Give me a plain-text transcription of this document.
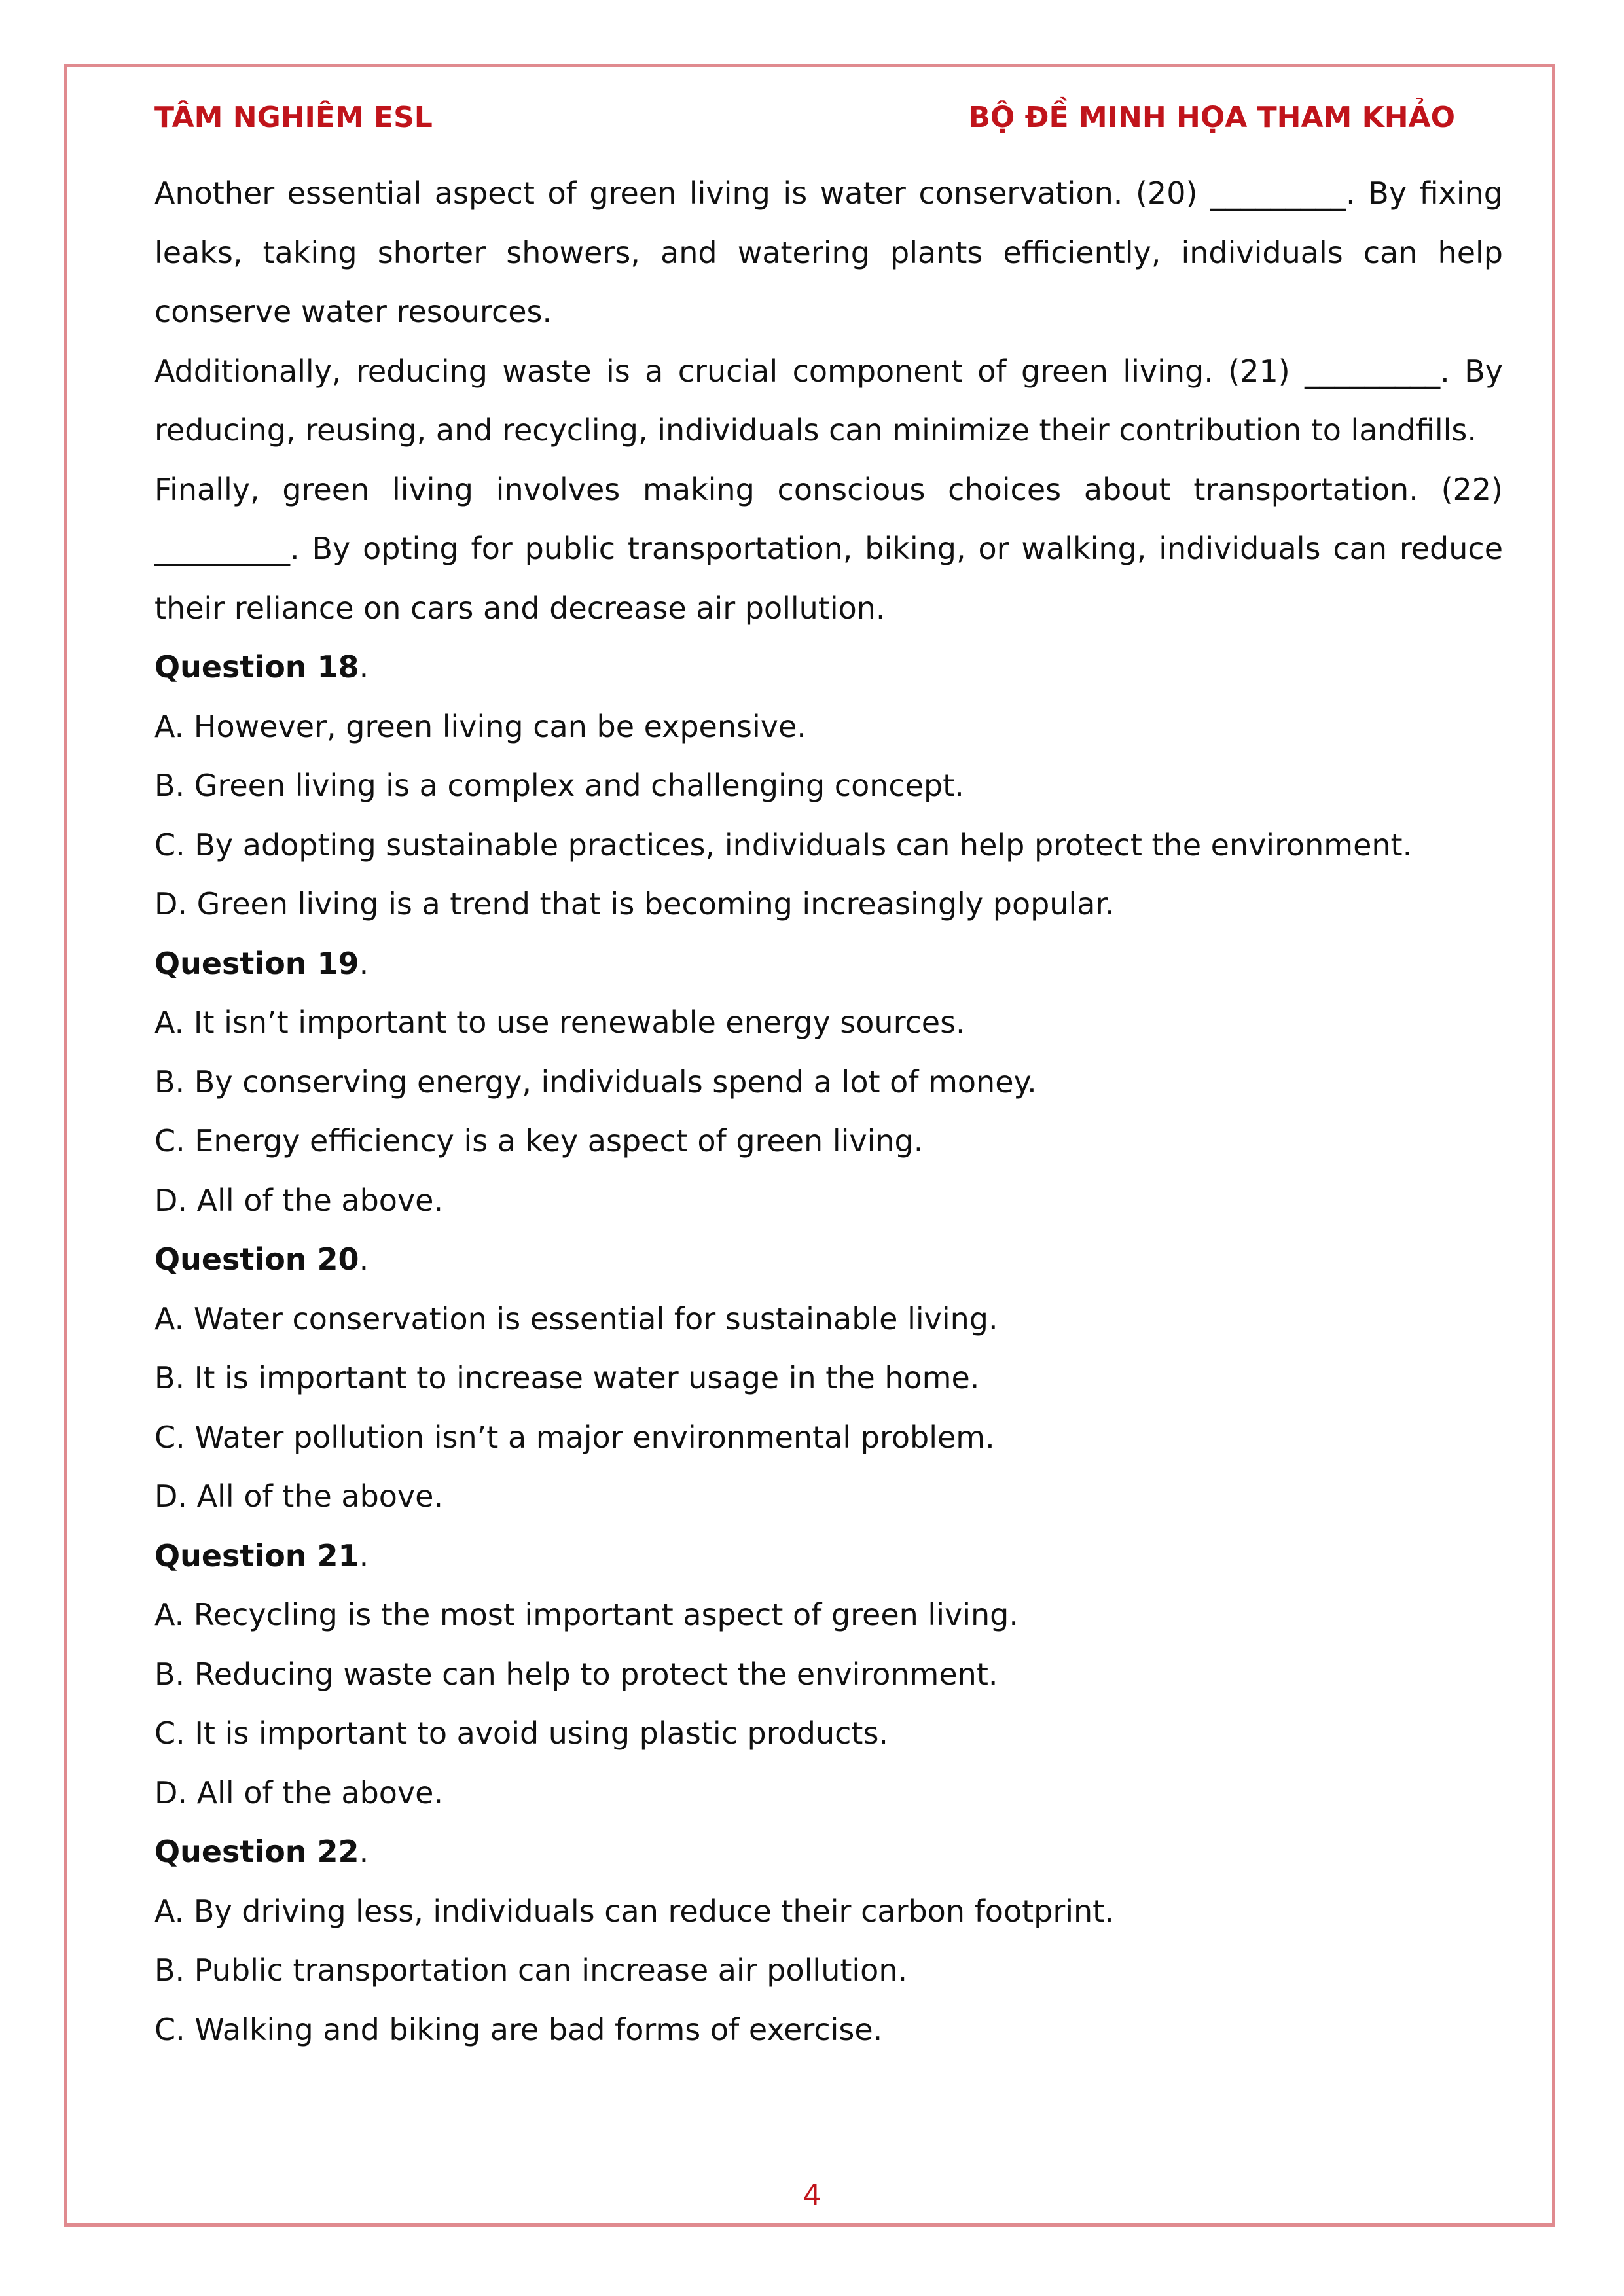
TÂM NGHIÊM ESL	BỘ ĐỀ MINH HỌA THAM KHẢO

Another essential aspect of green living is water conservation. (20) _________. By fixing leaks, taking shorter showers, and watering plants efficiently, individuals can help conserve water resources.

Additionally, reducing waste is a crucial component of green living. (21) _________. By reducing, reusing, and recycling, individuals can minimize their contribution to landfills.

Finally, green living involves making conscious choices about transportation. (22) _________. By opting for public transportation, biking, or walking, individuals can reduce their reliance on cars and decrease air pollution.

Question 18.

A. However, green living can be expensive.

B. Green living is a complex and challenging concept.

C. By adopting sustainable practices, individuals can help protect the environment.

D. Green living is a trend that is becoming increasingly popular.

Question 19.

A. It isn’t important to use renewable energy sources.

B. By conserving energy, individuals spend a lot of money.

C. Energy efficiency is a key aspect of green living.

D. All of the above.

Question 20.

A. Water conservation is essential for sustainable living.

B. It is important to increase water usage in the home.

C. Water pollution isn’t a major environmental problem.

D. All of the above.

Question 21.

A. Recycling is the most important aspect of green living.

B. Reducing waste can help to protect the environment.

C. It is important to avoid using plastic products.

D. All of the above.

Question 22.

A. By driving less, individuals can reduce their carbon footprint.

B. Public transportation can increase air pollution.

C. Walking and biking are bad forms of exercise.

4
